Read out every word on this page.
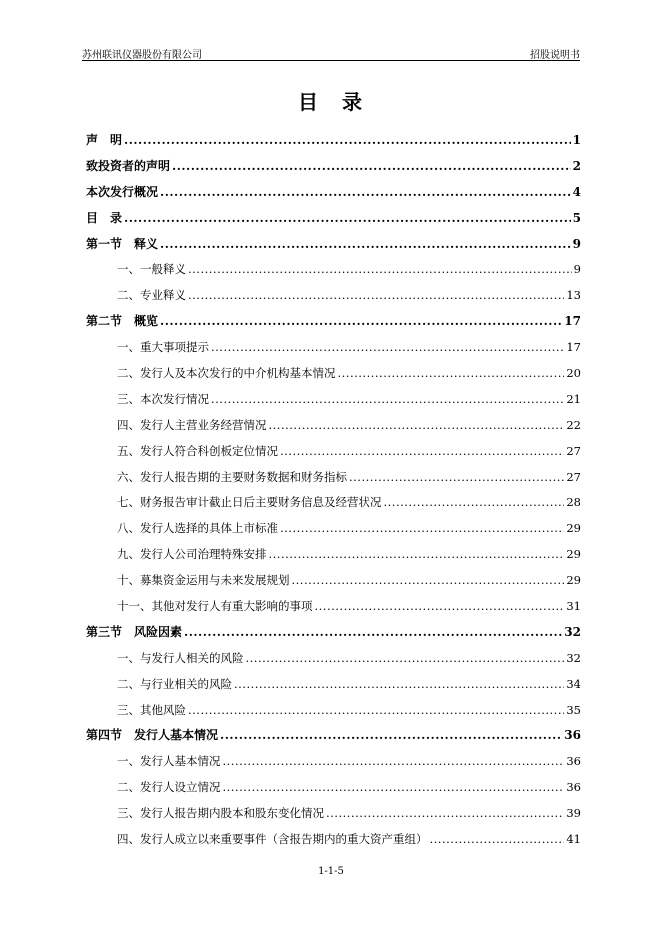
苏州联讯仪器股份有限公司	招股说明书
目　录
声　明 .....	1
致投资者的声明 .....	2
本次发行概况 .....	4
目　录 .....	5
第一节　释义 .....	9
一、一般释义 .....	9
二、专业释义 .....	13
第二节　概览 .....	17
一、重大事项提示 .....	17
二、发行人及本次发行的中介机构基本情况 .....	20
三、本次发行情况 .....	21
四、发行人主营业务经营情况 .....	22
五、发行人符合科创板定位情况 .....	27
六、发行人报告期的主要财务数据和财务指标 .....	27
七、财务报告审计截止日后主要财务信息及经营状况 .....	28
八、发行人选择的具体上市标准 .....	29
九、发行人公司治理特殊安排 .....	29
十、募集资金运用与未来发展规划 .....	29
十一、其他对发行人有重大影响的事项 .....	31
第三节　风险因素 .....	32
一、与发行人相关的风险 .....	32
二、与行业相关的风险 .....	34
三、其他风险 .....	35
第四节　发行人基本情况 .....	36
一、发行人基本情况 .....	36
二、发行人设立情况 .....	36
三、发行人报告期内股本和股东变化情况 .....	39
四、发行人成立以来重要事件（含报告期内的重大资产重组） .....	41
1-1-5
